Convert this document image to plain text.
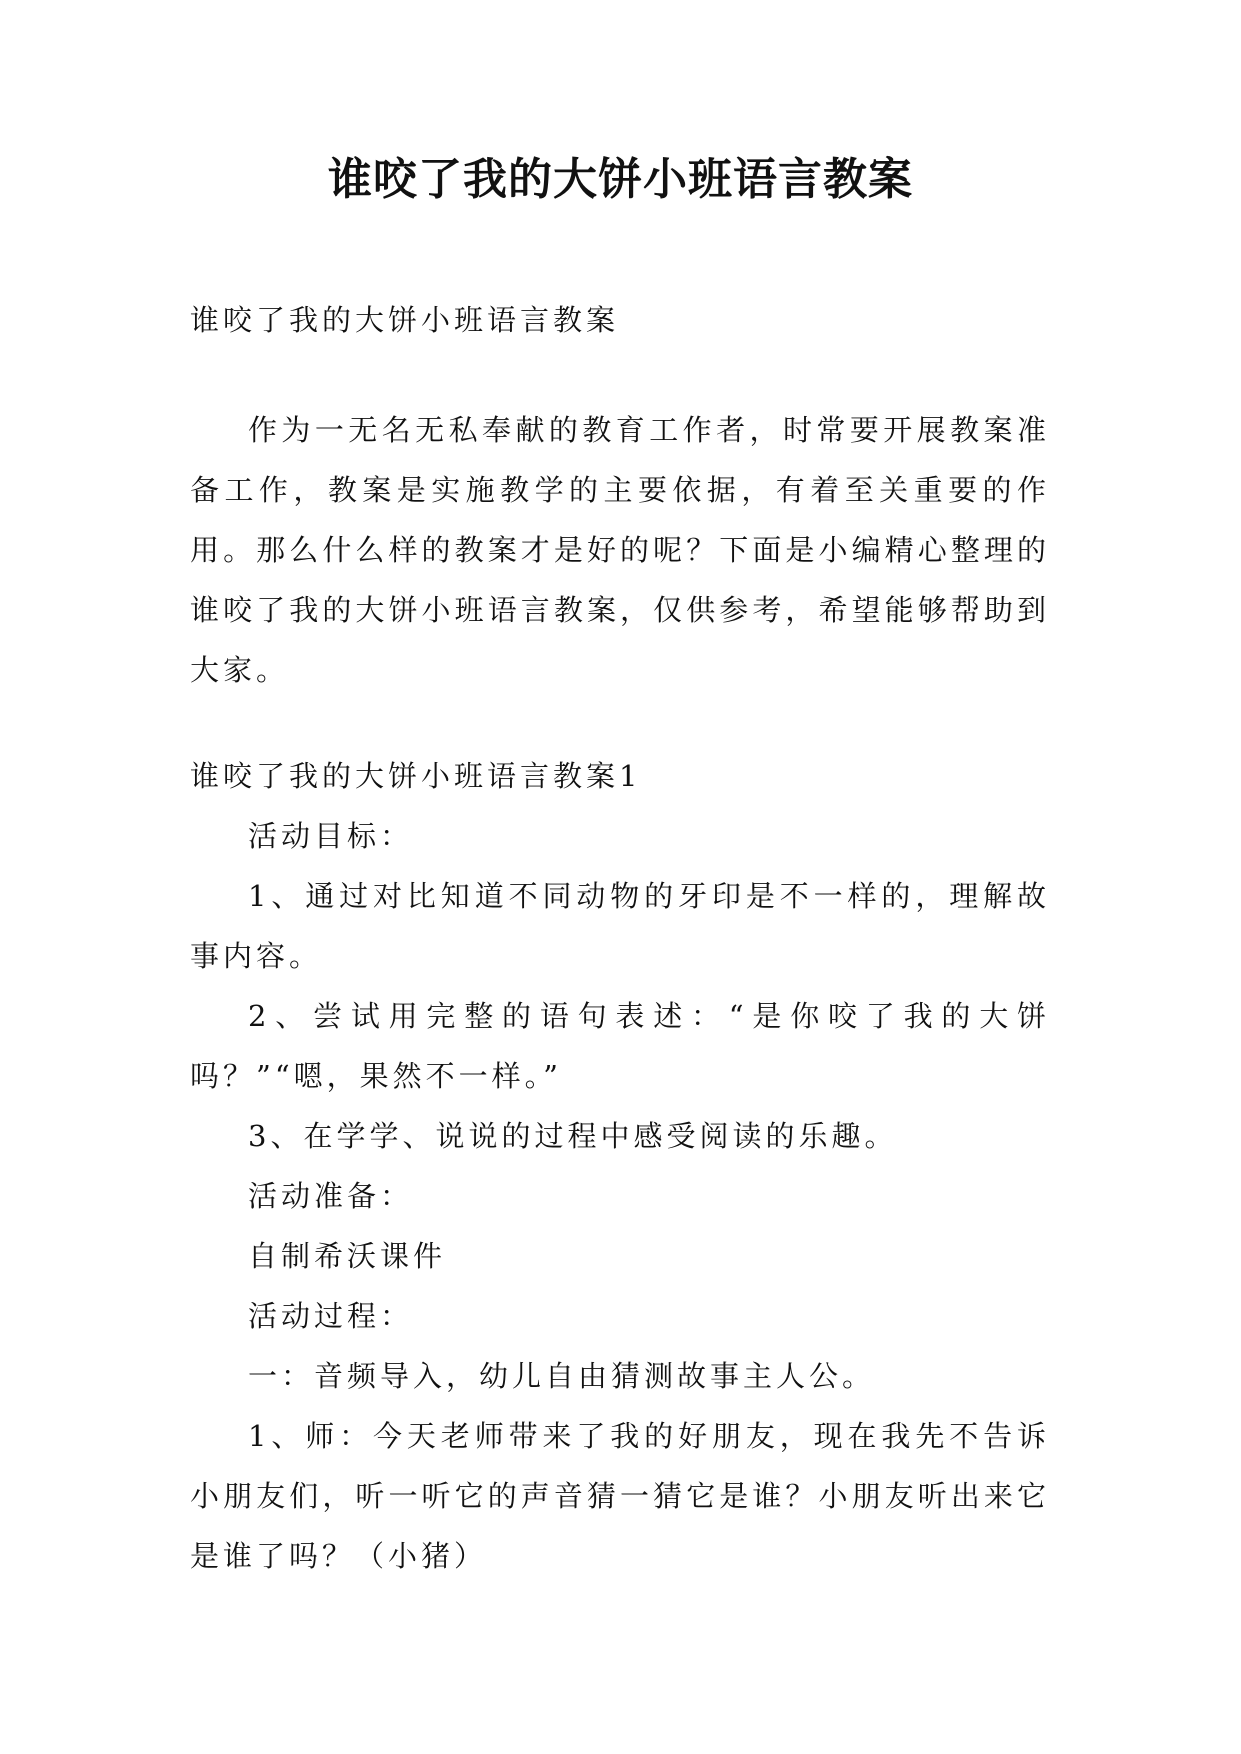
谁咬了我的大饼小班语言教案

谁咬了我的大饼小班语言教案

作为一无名无私奉献的教育工作者，时常要开展教案准备工作，教案是实施教学的主要依据，有着至关重要的作用。那么什么样的教案才是好的呢？下面是小编精心整理的谁咬了我的大饼小班语言教案，仅供参考，希望能够帮助到大家。

谁咬了我的大饼小班语言教案1

活动目标：

1、通过对比知道不同动物的牙印是不一样的，理解故事内容。

2、尝试用完整的语句表述：“是你咬了我的大饼吗？”“嗯，果然不一样。”

3、在学学、说说的过程中感受阅读的乐趣。

活动准备：

自制希沃课件

活动过程：

一：音频导入，幼儿自由猜测故事主人公。

1、师：今天老师带来了我的好朋友，现在我先不告诉小朋友们，听一听它的声音猜一猜它是谁？小朋友听出来它是谁了吗？（小猪）
